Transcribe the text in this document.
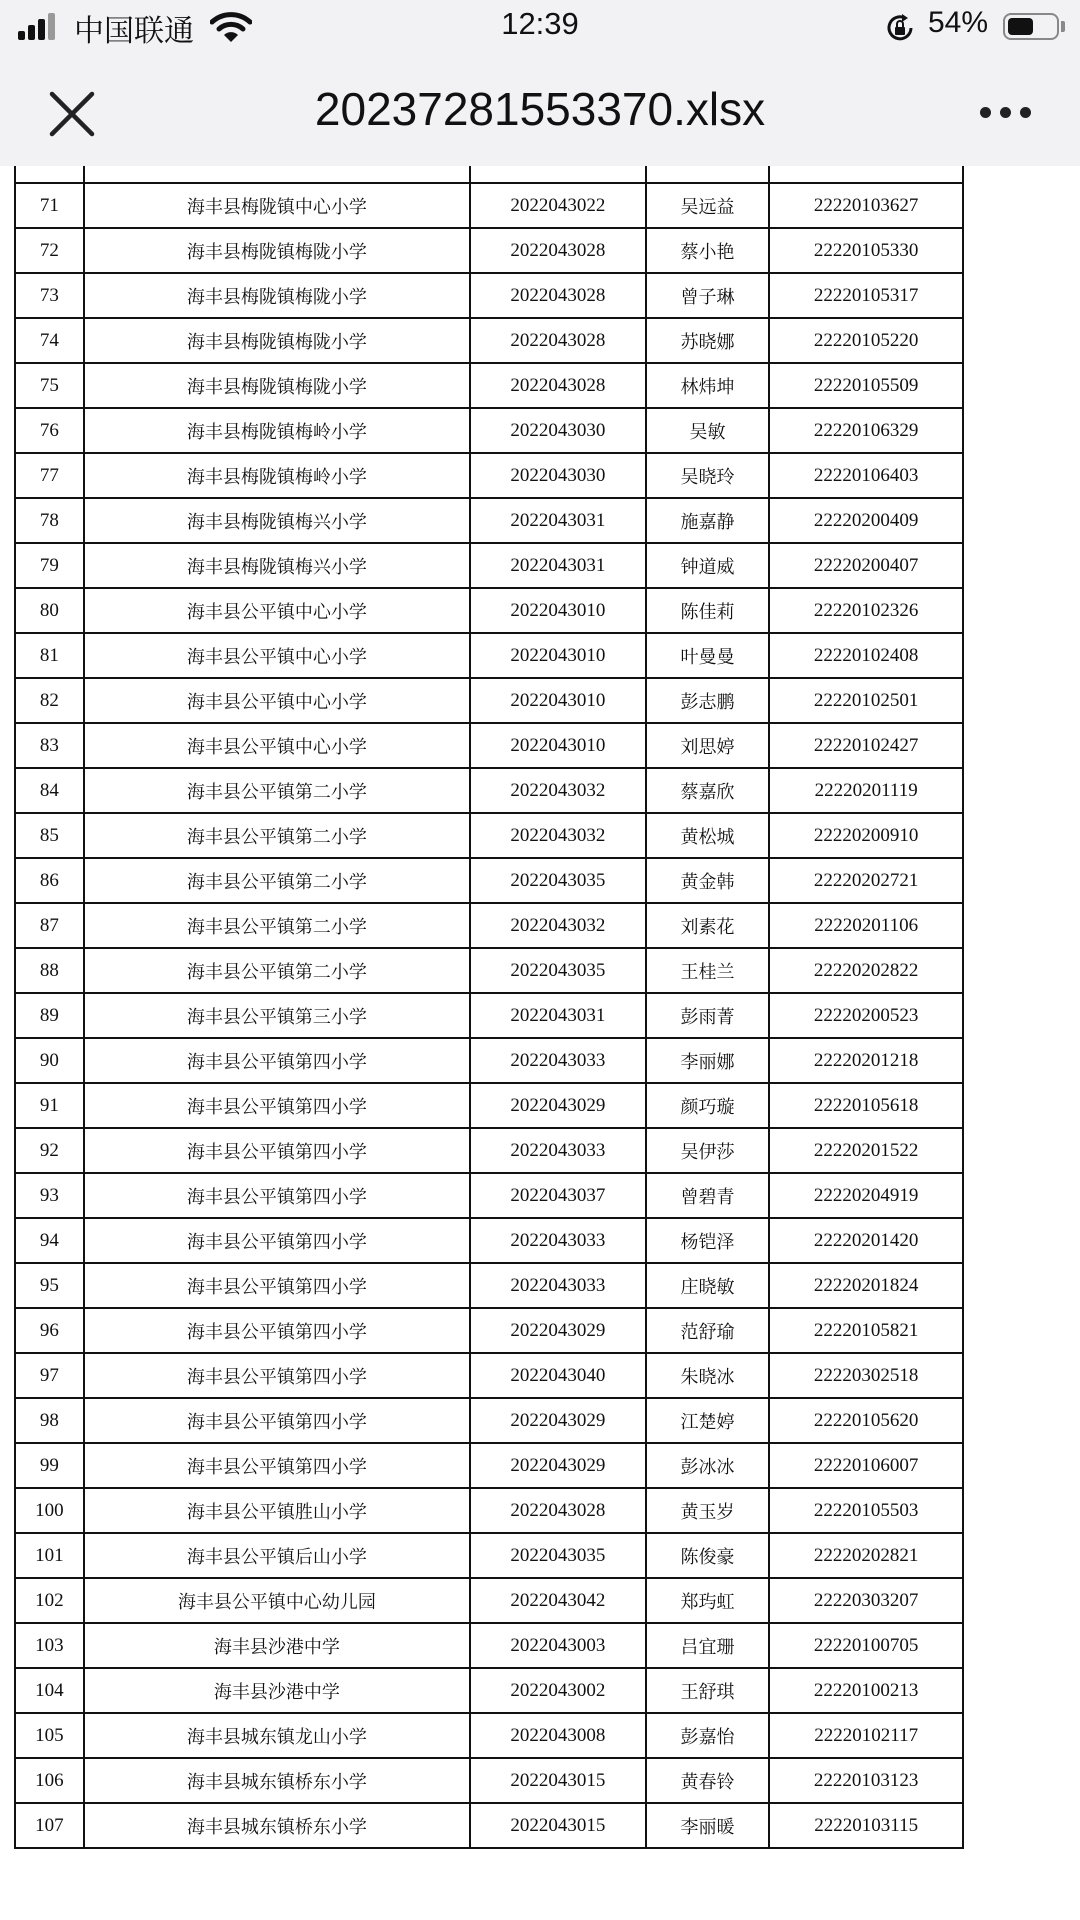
中国联通	12:39	54%
20237281553370.xlsx

71	海丰县梅陇镇中心小学	2022043022	吴远益	22220103627
72	海丰县梅陇镇梅陇小学	2022043028	蔡小艳	22220105330
73	海丰县梅陇镇梅陇小学	2022043028	曾子琳	22220105317
74	海丰县梅陇镇梅陇小学	2022043028	苏晓娜	22220105220
75	海丰县梅陇镇梅陇小学	2022043028	林炜坤	22220105509
76	海丰县梅陇镇梅岭小学	2022043030	吴敏	22220106329
77	海丰县梅陇镇梅岭小学	2022043030	吴晓玲	22220106403
78	海丰县梅陇镇梅兴小学	2022043031	施嘉静	22220200409
79	海丰县梅陇镇梅兴小学	2022043031	钟道威	22220200407
80	海丰县公平镇中心小学	2022043010	陈佳莉	22220102326
81	海丰县公平镇中心小学	2022043010	叶曼曼	22220102408
82	海丰县公平镇中心小学	2022043010	彭志鹏	22220102501
83	海丰县公平镇中心小学	2022043010	刘思婷	22220102427
84	海丰县公平镇第二小学	2022043032	蔡嘉欣	22220201119
85	海丰县公平镇第二小学	2022043032	黄松城	22220200910
86	海丰县公平镇第二小学	2022043035	黄金韩	22220202721
87	海丰县公平镇第二小学	2022043032	刘素花	22220201106
88	海丰县公平镇第二小学	2022043035	王桂兰	22220202822
89	海丰县公平镇第三小学	2022043031	彭雨菁	22220200523
90	海丰县公平镇第四小学	2022043033	李丽娜	22220201218
91	海丰县公平镇第四小学	2022043029	颜巧璇	22220105618
92	海丰县公平镇第四小学	2022043033	吴伊莎	22220201522
93	海丰县公平镇第四小学	2022043037	曾碧青	22220204919
94	海丰县公平镇第四小学	2022043033	杨铠泽	22220201420
95	海丰县公平镇第四小学	2022043033	庄晓敏	22220201824
96	海丰县公平镇第四小学	2022043029	范舒瑜	22220105821
97	海丰县公平镇第四小学	2022043040	朱晓冰	22220302518
98	海丰县公平镇第四小学	2022043029	江楚婷	22220105620
99	海丰县公平镇第四小学	2022043029	彭冰冰	22220106007
100	海丰县公平镇胜山小学	2022043028	黄玉岁	22220105503
101	海丰县公平镇后山小学	2022043035	陈俊豪	22220202821
102	海丰县公平镇中心幼儿园	2022043042	郑玙虹	22220303207
103	海丰县沙港中学	2022043003	吕宜珊	22220100705
104	海丰县沙港中学	2022043002	王舒琪	22220100213
105	海丰县城东镇龙山小学	2022043008	彭嘉怡	22220102117
106	海丰县城东镇桥东小学	2022043015	黄春铃	22220103123
107	海丰县城东镇桥东小学	2022043015	李丽暖	22220103115
